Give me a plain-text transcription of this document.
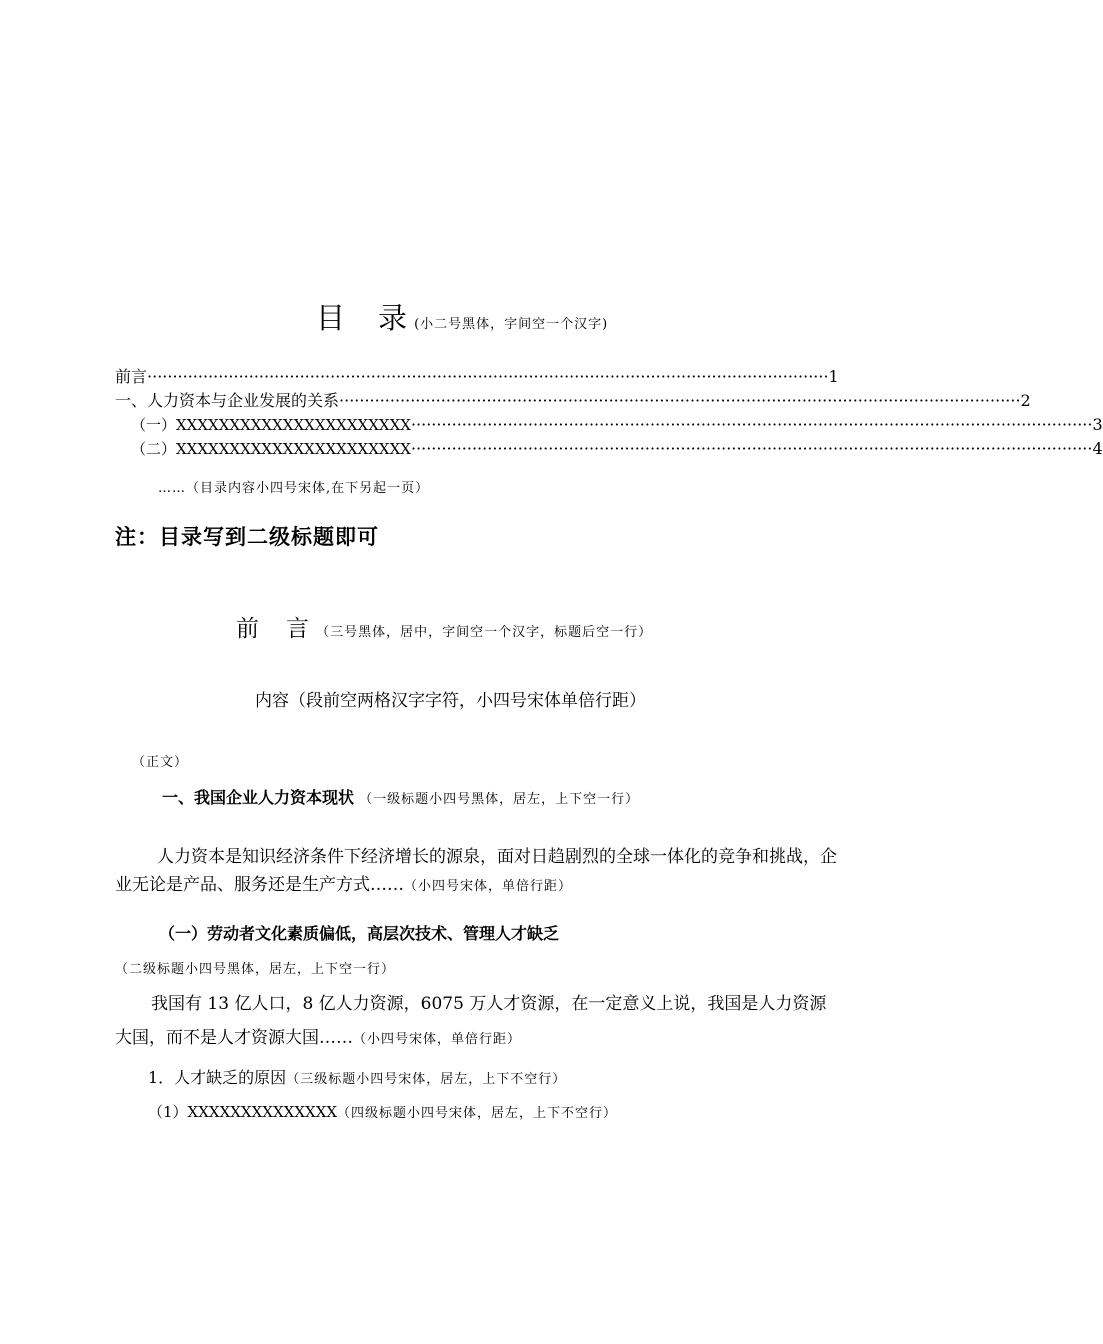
目　录 (小二号黑体，字间空一个汉字)
前言 ······································································································································ 1
一、人力资本与企业发展的关系 ······································································································································ 2
（一）XXXXXXXXXXXXXXXXXXXXXX ······································································································································ 3
（二）XXXXXXXXXXXXXXXXXXXXXX ······································································································································ 4
……（目录内容小四号宋体,在下另起一页）
注：目录写到二级标题即可
前　言 （三号黑体，居中，字间空一个汉字，标题后空一行）
内容（段前空两格汉字字符，小四号宋体单倍行距）
（正文）
一、我国企业人力资本现状 （一级标题小四号黑体，居左，上下空一行）
人力资本是知识经济条件下经济增长的源泉，面对日趋剧烈的全球一体化的竞争和挑战，企业无论是产品、服务还是生产方式……（小四号宋体，单倍行距）
（一）劳动者文化素质偏低，高层次技术、管理人才缺乏（二级标题小四号黑体，居左，上下空一行）
我国有 13 亿人口，8 亿人力资源，6075 万人才资源，在一定意义上说，我国是人力资源大国，而不是人才资源大国……（小四号宋体，单倍行距）
1．人才缺乏的原因（三级标题小四号宋体，居左，上下不空行）
（1）XXXXXXXXXXXXXX（四级标题小四号宋体，居左，上下不空行）
